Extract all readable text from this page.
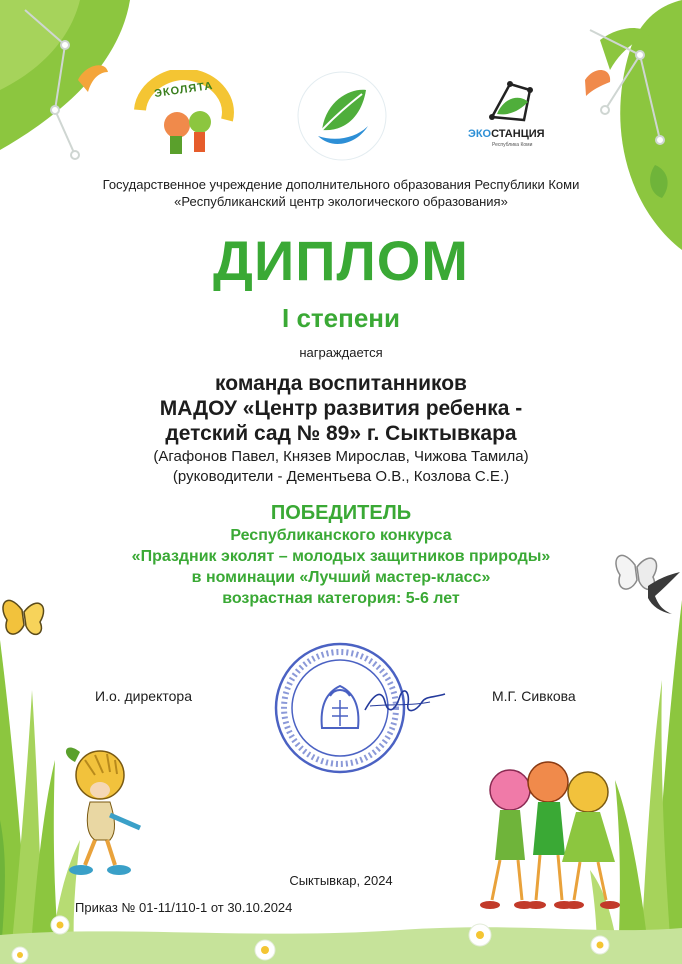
ЭКОЛЯТА
ЭКОСТАНЦИЯ
Республика Коми
Государственное учреждение дополнительного образования Республики Коми
«Республиканский центр экологического образования»
ДИПЛОМ
I степени
награждается
команда воспитанников
МАДОУ «Центр развития ребенка -
детский сад № 89» г. Сыктывкара
(Агафонов Павел, Князев Мирослав, Чижова Тамила)
(руководители - Дементьева О.В., Козлова С.Е.)
ПОБЕДИТЕЛЬ
Республиканского конкурса
«Праздник эколят – молодых защитников природы»
в номинации «Лучший мастер-класс»
возрастная категория: 5-6 лет
И.о. директора	М.Г. Сивкова
Сыктывкар, 2024
Приказ № 01-11/110-1 от 30.10.2024
